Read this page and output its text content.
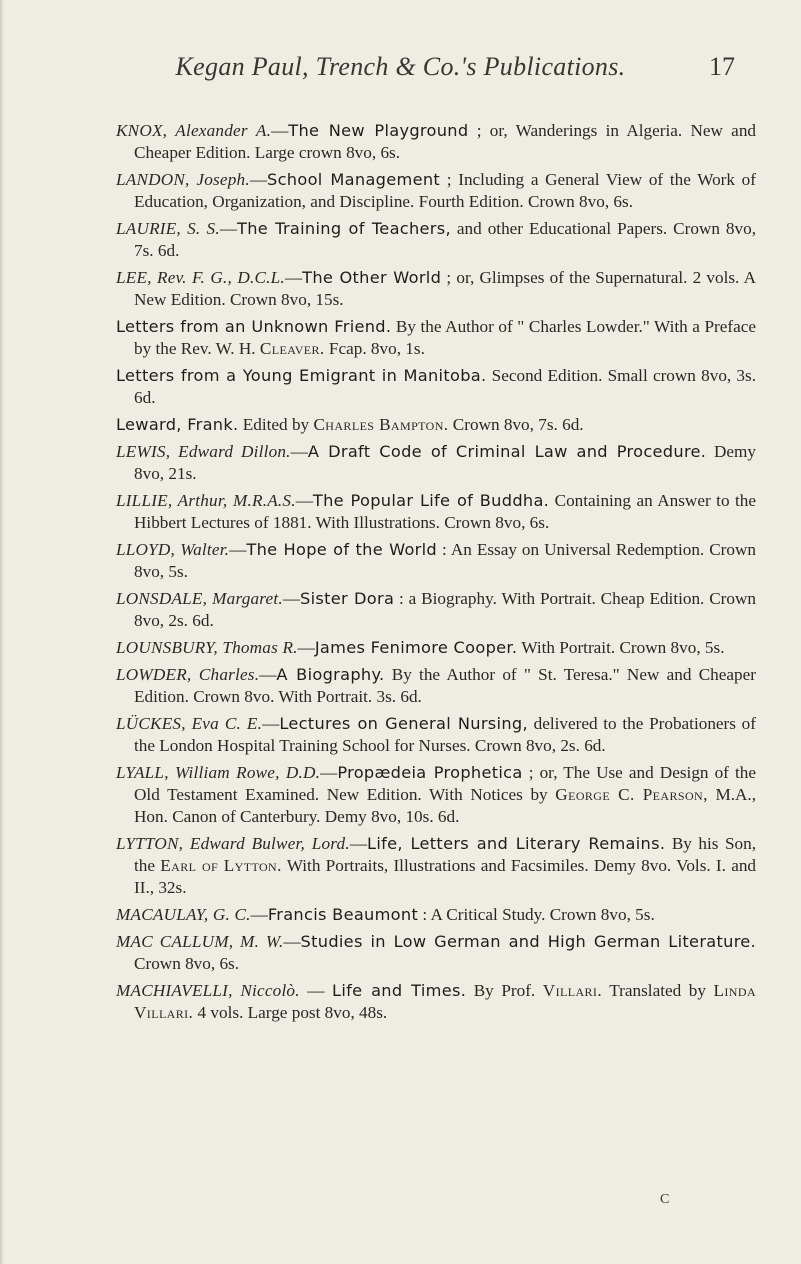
Kegan Paul, Trench & Co.'s Publications.	17

KNOX, Alexander A.—The New Playground ; or, Wanderings in Algeria. New and Cheaper Edition. Large crown 8vo, 6s.

LANDON, Joseph.—School Management ; Including a General View of the Work of Education, Organization, and Discipline. Fourth Edition. Crown 8vo, 6s.

LAURIE, S. S.—The Training of Teachers, and other Educational Papers. Crown 8vo, 7s. 6d.

LEE, Rev. F. G., D.C.L.—The Other World ; or, Glimpses of the Supernatural. 2 vols. A New Edition. Crown 8vo, 15s.

Letters from an Unknown Friend. By the Author of " Charles Lowder." With a Preface by the Rev. W. H. Cleaver. Fcap. 8vo, 1s.

Letters from a Young Emigrant in Manitoba. Second Edition. Small crown 8vo, 3s. 6d.

Leward, Frank. Edited by Charles Bampton. Crown 8vo, 7s. 6d.

LEWIS, Edward Dillon.—A Draft Code of Criminal Law and Procedure. Demy 8vo, 21s.

LILLIE, Arthur, M.R.A.S.—The Popular Life of Buddha. Containing an Answer to the Hibbert Lectures of 1881. With Illustrations. Crown 8vo, 6s.

LLOYD, Walter.—The Hope of the World : An Essay on Universal Redemption. Crown 8vo, 5s.

LONSDALE, Margaret.—Sister Dora : a Biography. With Portrait. Cheap Edition. Crown 8vo, 2s. 6d.

LOUNSBURY, Thomas R.—James Fenimore Cooper. With Portrait. Crown 8vo, 5s.

LOWDER, Charles.—A Biography. By the Author of " St. Teresa." New and Cheaper Edition. Crown 8vo. With Portrait. 3s. 6d.

LÜCKES, Eva C. E.—Lectures on General Nursing, delivered to the Probationers of the London Hospital Training School for Nurses. Crown 8vo, 2s. 6d.

LYALL, William Rowe, D.D.—Propædeia Prophetica ; or, The Use and Design of the Old Testament Examined. New Edition. With Notices by George C. Pearson, M.A., Hon. Canon of Canterbury. Demy 8vo, 10s. 6d.

LYTTON, Edward Bulwer, Lord.—Life, Letters and Literary Remains. By his Son, the Earl of Lytton. With Portraits, Illustrations and Facsimiles. Demy 8vo. Vols. I. and II., 32s.

MACAULAY, G. C.—Francis Beaumont : A Critical Study. Crown 8vo, 5s.

MAC CALLUM, M. W.—Studies in Low German and High German Literature. Crown 8vo, 6s.

MACHIAVELLI, Niccolò. — Life and Times. By Prof. Villari. Translated by Linda Villari. 4 vols. Large post 8vo, 48s.

C
